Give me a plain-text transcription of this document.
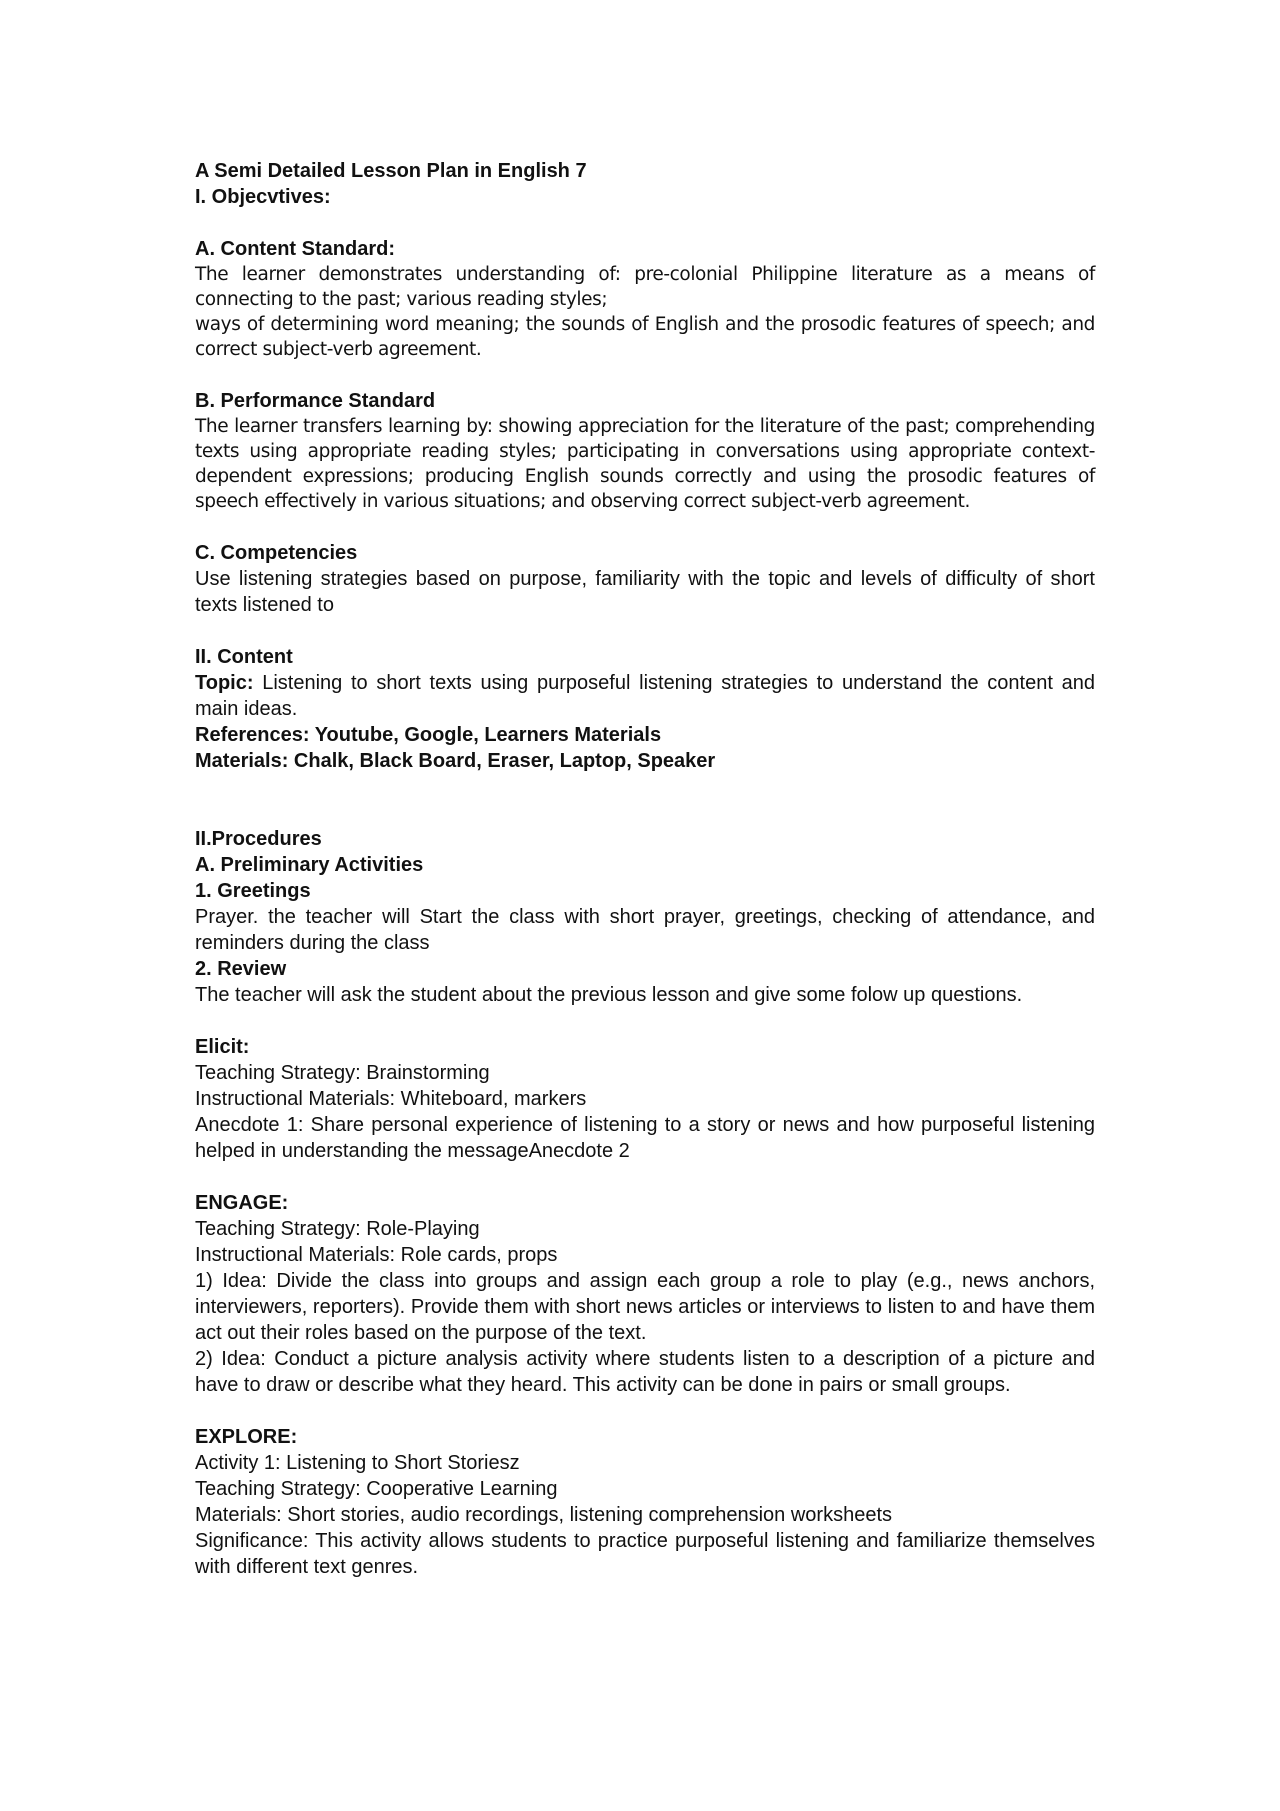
A Semi Detailed Lesson Plan in English 7

I. Objecvtives:

A. Content Standard:

The learner demonstrates understanding of: pre-colonial Philippine literature as a means of connecting to the past; various reading styles;

ways of determining word meaning; the sounds of English and the prosodic features of speech; and correct subject-verb agreement.

B. Performance Standard

The learner transfers learning by: showing appreciation for the literature of the past; comprehending texts using appropriate reading styles; participating in conversations using appropriate context-dependent expressions; producing English sounds correctly and using the prosodic features of speech effectively in various situations; and observing correct subject-verb agreement.

C. Competencies

Use listening strategies based on purpose, familiarity with the topic and levels of difficulty of short texts listened to

II. Content

Topic: Listening to short texts using purposeful listening strategies to understand the content and main ideas.

References: Youtube, Google, Learners Materials

Materials: Chalk, Black Board, Eraser, Laptop, Speaker

II.Procedures

A. Preliminary Activities

1. Greetings

Prayer. the teacher will Start the class with short prayer, greetings, checking of attendance, and reminders during the class

2. Review

The teacher will ask the student about the previous lesson and give some folow up questions.

Elicit:

Teaching Strategy: Brainstorming

Instructional Materials: Whiteboard, markers

Anecdote 1: Share personal experience of listening to a story or news and how purposeful listening helped in understanding the messageAnecdote 2

ENGAGE:

Teaching Strategy: Role-Playing

Instructional Materials: Role cards, props

1) Idea: Divide the class into groups and assign each group a role to play (e.g., news anchors, interviewers, reporters). Provide them with short news articles or interviews to listen to and have them act out their roles based on the purpose of the text.

2) Idea: Conduct a picture analysis activity where students listen to a description of a picture and have to draw or describe what they heard. This activity can be done in pairs or small groups.

EXPLORE:

Activity 1: Listening to Short Storiesz

Teaching Strategy: Cooperative Learning

Materials: Short stories, audio recordings, listening comprehension worksheets

Significance: This activity allows students to practice purposeful listening and familiarize themselves with different text genres.
